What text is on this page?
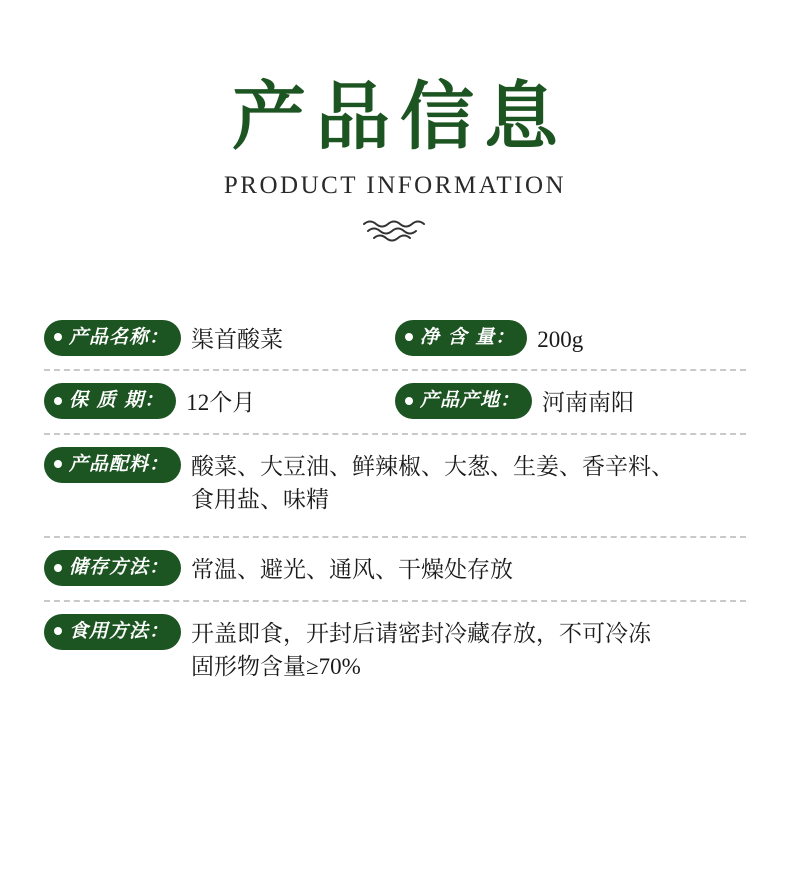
产品信息
PRODUCT INFORMATION
产品名称： 渠首酸菜	净 含 量： 200g
保 质 期： 12个月	产品产地： 河南南阳
产品配料： 酸菜、大豆油、鲜辣椒、大葱、生姜、香辛料、
食用盐、味精
储存方法： 常温、避光、通风、干燥处存放
食用方法： 开盖即食，开封后请密封冷藏存放，不可冷冻
固形物含量≥70%
